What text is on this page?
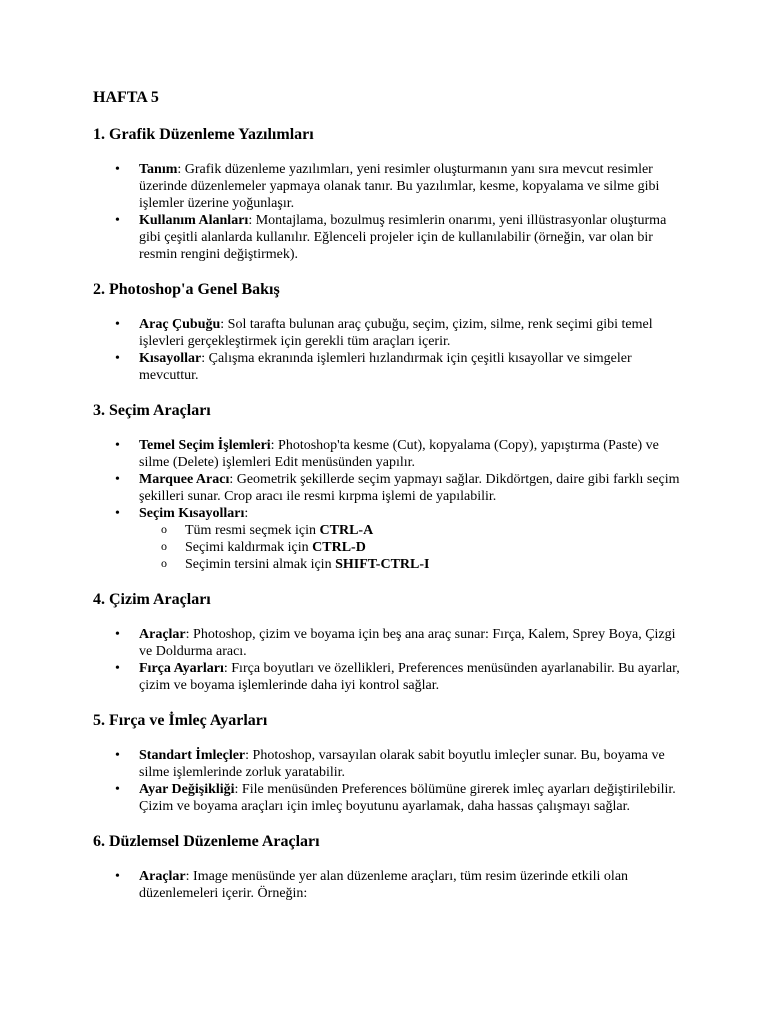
HAFTA 5
1. Grafik Düzenleme Yazılımları
• Tanım: Grafik düzenleme yazılımları, yeni resimler oluşturmanın yanı sıra mevcut resimler üzerinde düzenlemeler yapmaya olanak tanır. Bu yazılımlar, kesme, kopyalama ve silme gibi işlemler üzerine yoğunlaşır.
• Kullanım Alanları: Montajlama, bozulmuş resimlerin onarımı, yeni illüstrasyonlar oluşturma gibi çeşitli alanlarda kullanılır. Eğlenceli projeler için de kullanılabilir (örneğin, var olan bir resmin rengini değiştirmek).
2. Photoshop'a Genel Bakış
• Araç Çubuğu: Sol tarafta bulunan araç çubuğu, seçim, çizim, silme, renk seçimi gibi temel işlevleri gerçekleştirmek için gerekli tüm araçları içerir.
• Kısayollar: Çalışma ekranında işlemleri hızlandırmak için çeşitli kısayollar ve simgeler mevcuttur.
3. Seçim Araçları
• Temel Seçim İşlemleri: Photoshop'ta kesme (Cut), kopyalama (Copy), yapıştırma (Paste) ve silme (Delete) işlemleri Edit menüsünden yapılır.
• Marquee Aracı: Geometrik şekillerde seçim yapmayı sağlar. Dikdörtgen, daire gibi farklı seçim şekilleri sunar. Crop aracı ile resmi kırpma işlemi de yapılabilir.
• Seçim Kısayolları:
o Tüm resmi seçmek için CTRL-A
o Seçimi kaldırmak için CTRL-D
o Seçimin tersini almak için SHIFT-CTRL-I
4. Çizim Araçları
• Araçlar: Photoshop, çizim ve boyama için beş ana araç sunar: Fırça, Kalem, Sprey Boya, Çizgi ve Doldurma aracı.
• Fırça Ayarları: Fırça boyutları ve özellikleri, Preferences menüsünden ayarlanabilir. Bu ayarlar, çizim ve boyama işlemlerinde daha iyi kontrol sağlar.
5. Fırça ve İmleç Ayarları
• Standart İmleçler: Photoshop, varsayılan olarak sabit boyutlu imleçler sunar. Bu, boyama ve silme işlemlerinde zorluk yaratabilir.
• Ayar Değişikliği: File menüsünden Preferences bölümüne girerek imleç ayarları değiştirilebilir. Çizim ve boyama araçları için imleç boyutunu ayarlamak, daha hassas çalışmayı sağlar.
6. Düzlemsel Düzenleme Araçları
• Araçlar: Image menüsünde yer alan düzenleme araçları, tüm resim üzerinde etkili olan düzenlemeleri içerir. Örneğin:
